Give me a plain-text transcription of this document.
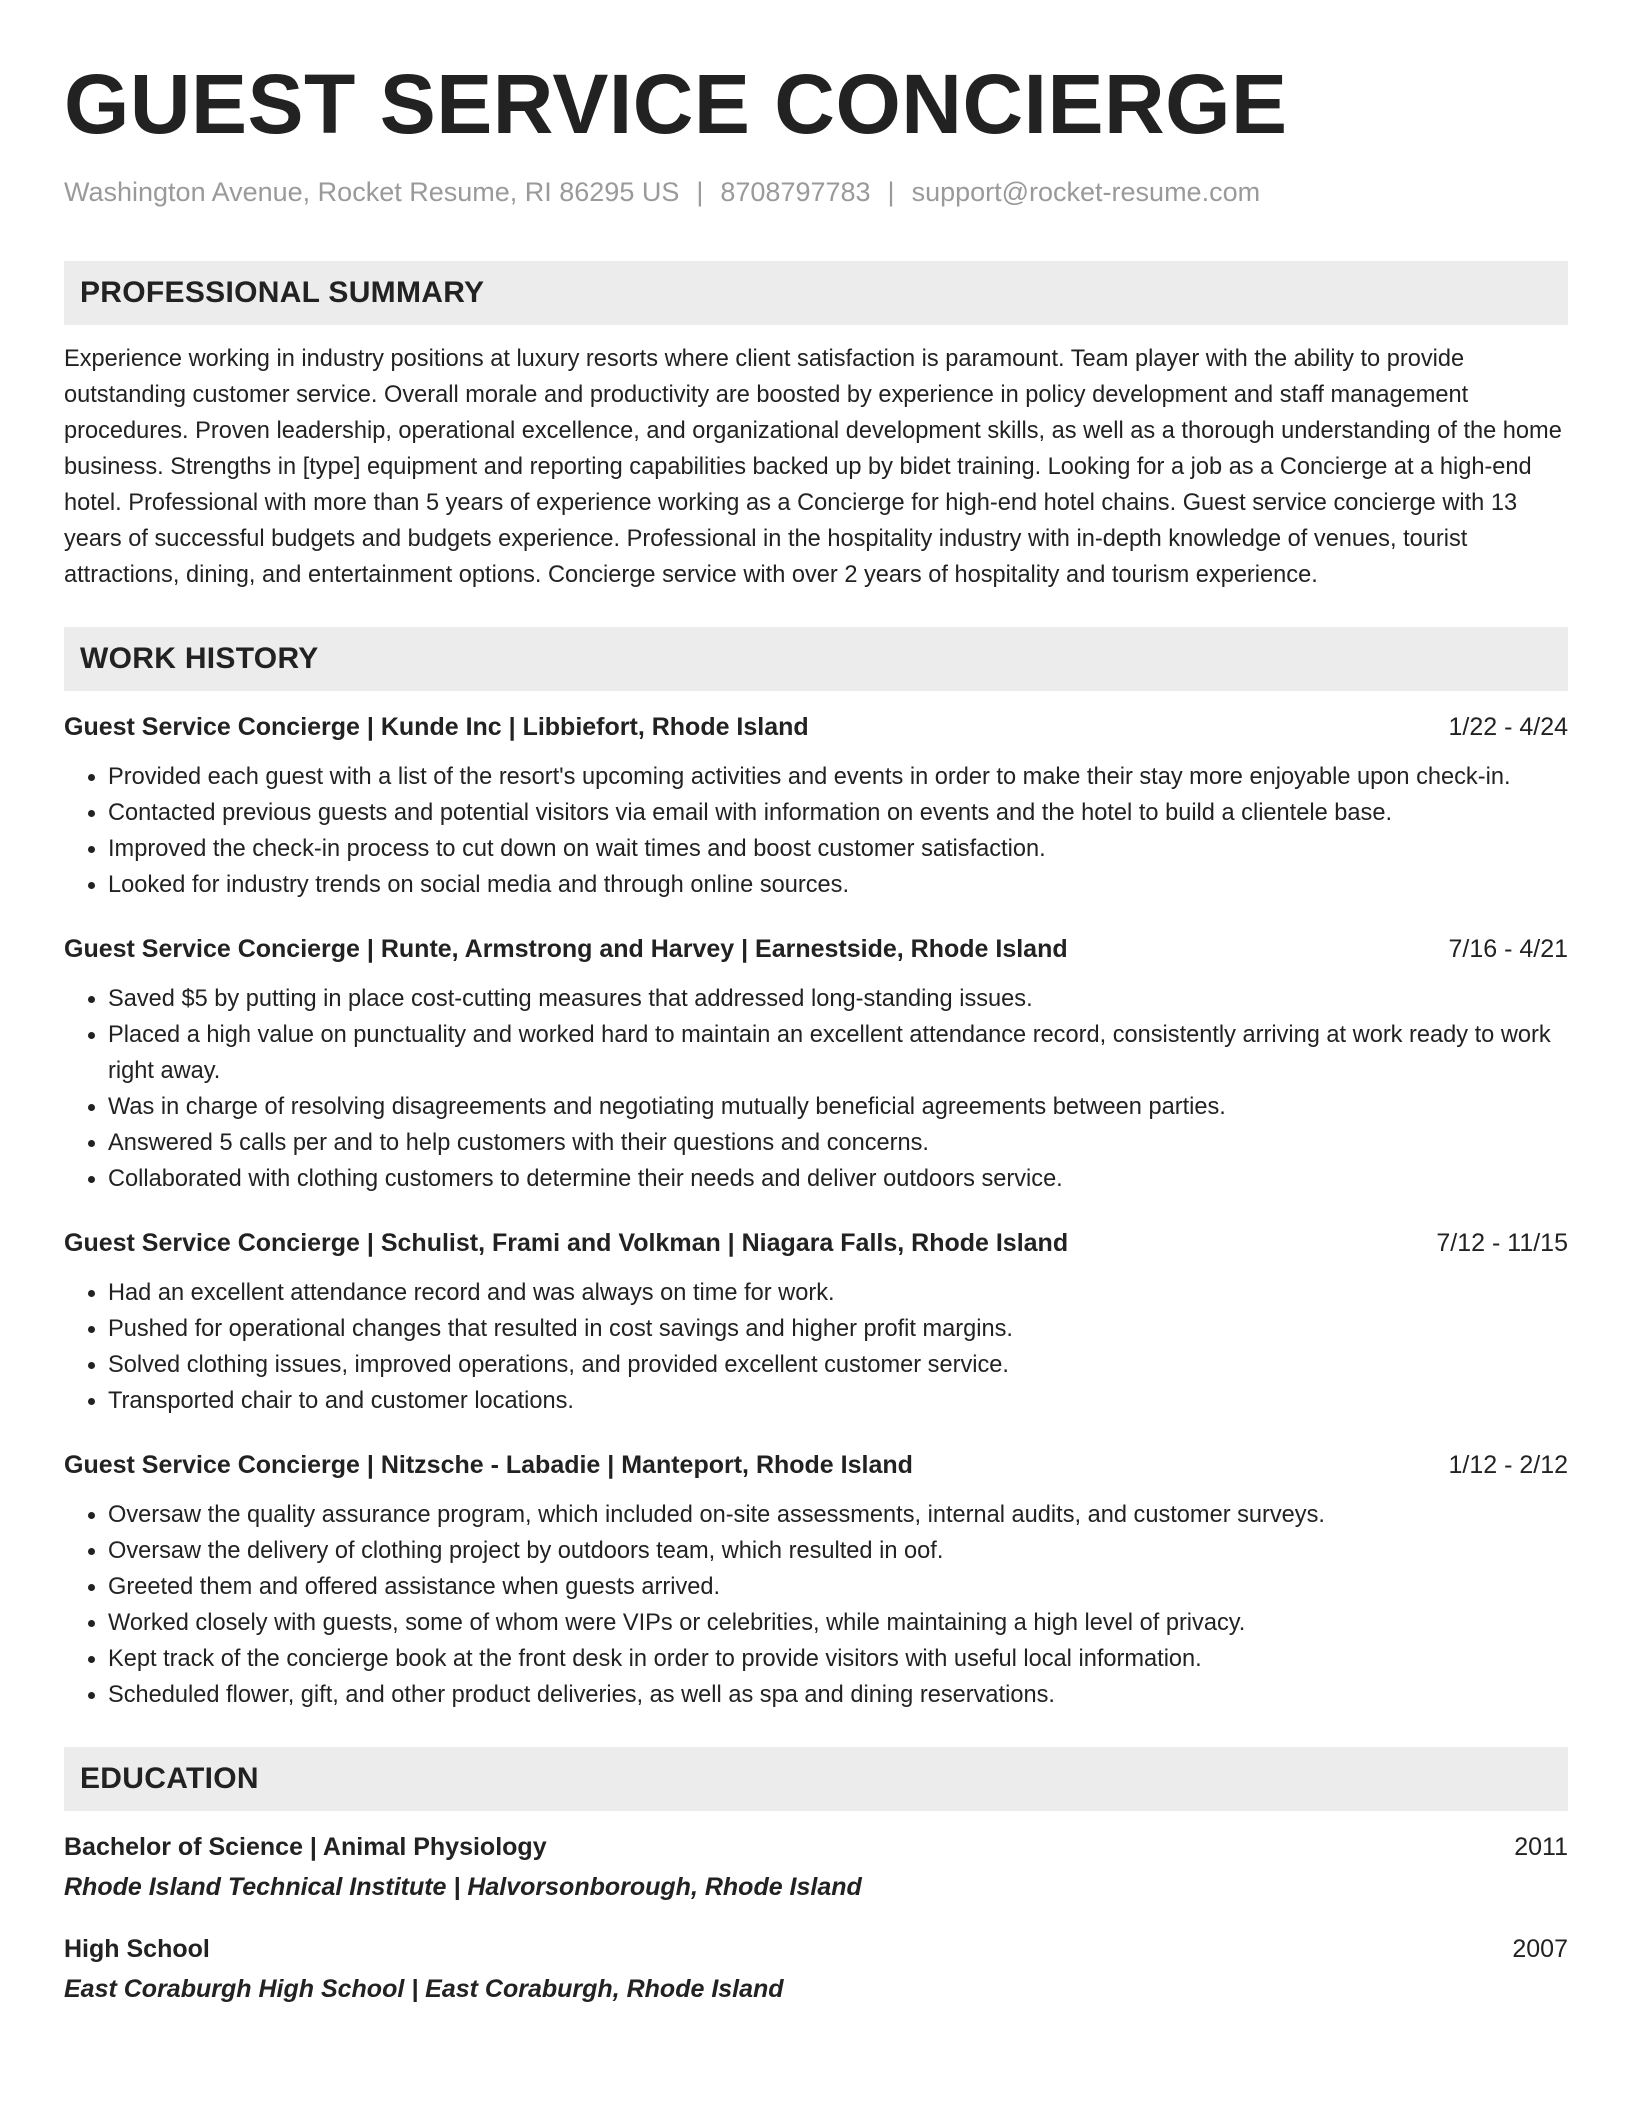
GUEST SERVICE CONCIERGE
Washington Avenue, Rocket Resume, RI 86295 US | 8708797783 | support@rocket-resume.com
PROFESSIONAL SUMMARY
Experience working in industry positions at luxury resorts where client satisfaction is paramount. Team player with the ability to provide outstanding customer service. Overall morale and productivity are boosted by experience in policy development and staff management procedures. Proven leadership, operational excellence, and organizational development skills, as well as a thorough understanding of the home business. Strengths in [type] equipment and reporting capabilities backed up by bidet training. Looking for a job as a Concierge at a high-end hotel. Professional with more than 5 years of experience working as a Concierge for high-end hotel chains. Guest service concierge with 13 years of successful budgets and budgets experience. Professional in the hospitality industry with in-depth knowledge of venues, tourist attractions, dining, and entertainment options. Concierge service with over 2 years of hospitality and tourism experience.
WORK HISTORY
Guest Service Concierge | Kunde Inc | Libbiefort, Rhode Island	1/22 - 4/24
• Provided each guest with a list of the resort's upcoming activities and events in order to make their stay more enjoyable upon check-in.
• Contacted previous guests and potential visitors via email with information on events and the hotel to build a clientele base.
• Improved the check-in process to cut down on wait times and boost customer satisfaction.
• Looked for industry trends on social media and through online sources.
Guest Service Concierge | Runte, Armstrong and Harvey | Earnestside, Rhode Island	7/16 - 4/21
• Saved $5 by putting in place cost-cutting measures that addressed long-standing issues.
• Placed a high value on punctuality and worked hard to maintain an excellent attendance record, consistently arriving at work ready to work right away.
• Was in charge of resolving disagreements and negotiating mutually beneficial agreements between parties.
• Answered 5 calls per and to help customers with their questions and concerns.
• Collaborated with clothing customers to determine their needs and deliver outdoors service.
Guest Service Concierge | Schulist, Frami and Volkman | Niagara Falls, Rhode Island	7/12 - 11/15
• Had an excellent attendance record and was always on time for work.
• Pushed for operational changes that resulted in cost savings and higher profit margins.
• Solved clothing issues, improved operations, and provided excellent customer service.
• Transported chair to and customer locations.
Guest Service Concierge | Nitzsche - Labadie | Manteport, Rhode Island	1/12 - 2/12
• Oversaw the quality assurance program, which included on-site assessments, internal audits, and customer surveys.
• Oversaw the delivery of clothing project by outdoors team, which resulted in oof.
• Greeted them and offered assistance when guests arrived.
• Worked closely with guests, some of whom were VIPs or celebrities, while maintaining a high level of privacy.
• Kept track of the concierge book at the front desk in order to provide visitors with useful local information.
• Scheduled flower, gift, and other product deliveries, as well as spa and dining reservations.
EDUCATION
Bachelor of Science | Animal Physiology	2011
Rhode Island Technical Institute | Halvorsonborough, Rhode Island
High School	2007
East Coraburgh High School | East Coraburgh, Rhode Island
